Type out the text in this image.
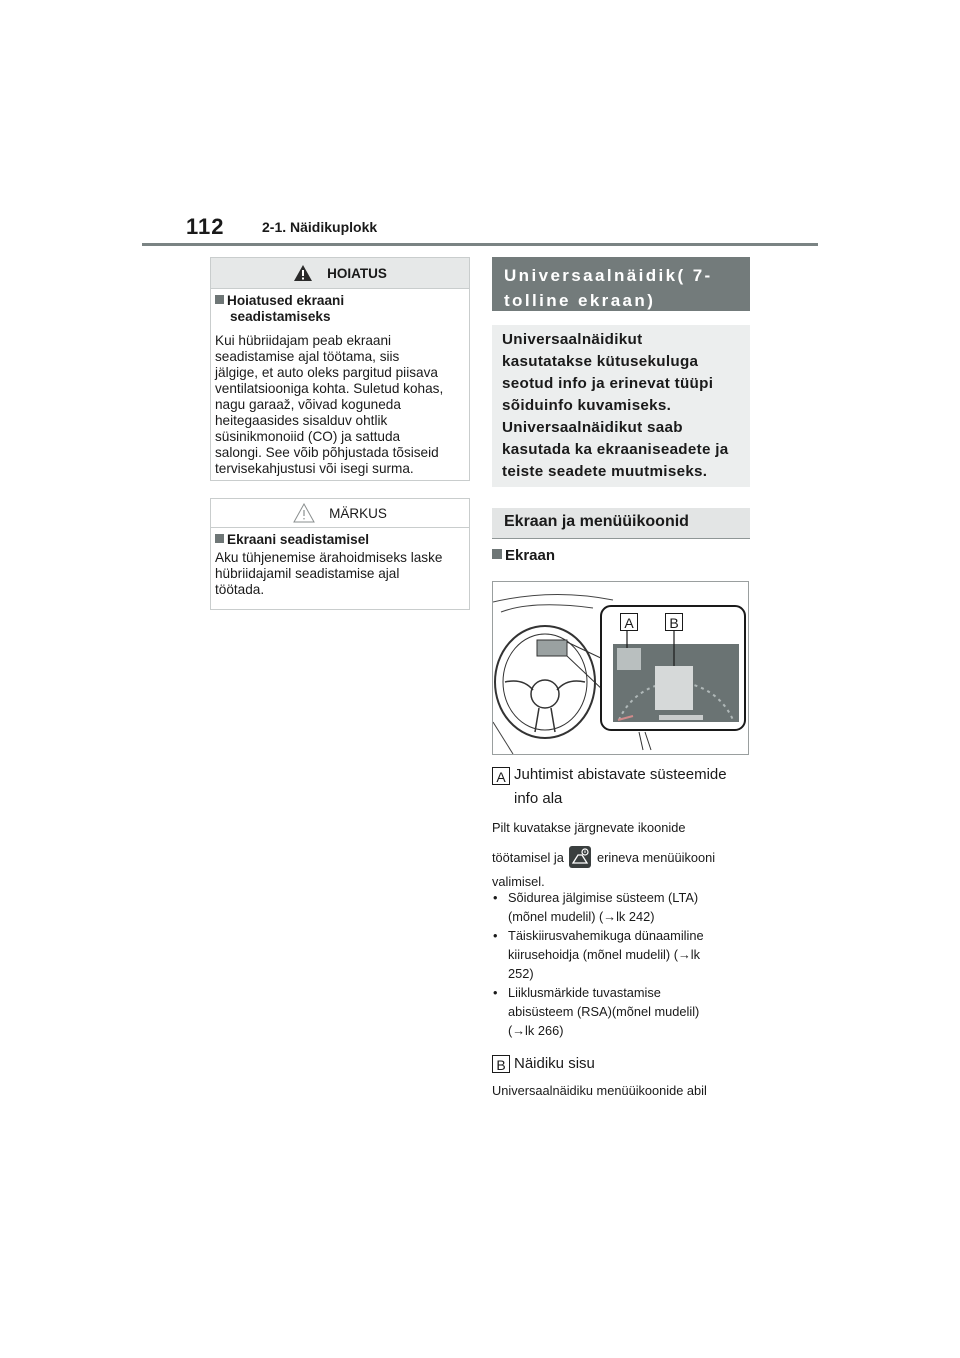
112	2-1. Näidikuplokk
HOIATUS
Hoiatused ekraani
seadistamiseks
Kui hübriidajam peab ekraani
seadistamise ajal töötama, siis
jälgige, et auto oleks pargitud piisava
ventilatsiooniga kohta. Suletud kohas,
nagu garaaž, võivad koguneda
heitegaasides sisalduv ohtlik
süsinikmonoiid (CO) ja sattuda
salongi. See võib põhjustada tõsiseid
tervisekahjustusi või isegi surma.
MÄRKUS
Ekraani seadistamisel
Aku tühjenemise ärahoidmiseks laske
hübriidajamil seadistamise ajal
töötada.
Universaalnäidik( 7-
tolline ekraan)
Universaalnäidikut
kasutatakse kütusekuluga
seotud info ja erinevat tüüpi
sõiduinfo kuvamiseks.
Universaalnäidikut saab
kasutada ka ekraaniseadete ja
teiste seadete muutmiseks.
Ekraan ja menüüikoonid
Ekraan
A	B
A Juhtimist abistavate süsteemide
info ala
Pilt kuvatakse järgnevate ikoonide
töötamisel ja	erineva menüüikooni
valimisel.
• Sõidurea jälgimise süsteem (LTA)
(mõnel mudelil) (→lk 242)
• Täiskiirusvahemikuga dünaamiline
kiirusehoidja (mõnel mudelil) (→lk
252)
• Liiklusmärkide tuvastamise
abisüsteem (RSA)(mõnel mudelil)
(→lk 266)
B Näidiku sisu
Universaalnäidiku menüüikoonide abil
